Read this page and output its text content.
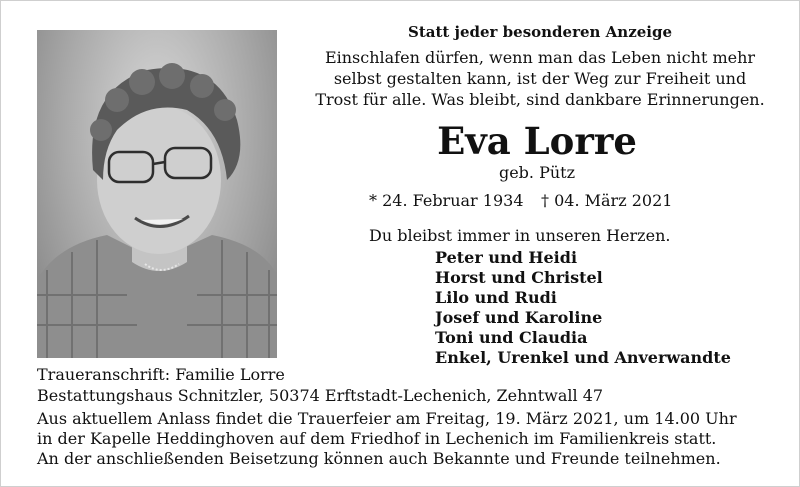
Statt jeder besonderen Anzeige
Einschlafen dürfen, wenn man das Leben nicht mehr
selbst gestalten kann, ist der Weg zur Freiheit und
Trost für alle. Was bleibt, sind dankbare Erinnerungen.
Eva Lorre
geb. Pütz
* 24. Februar 1934 † 04. März 2021
Du bleibst immer in unseren Herzen.
Peter und Heidi
Horst und Christel
Lilo und Rudi
Josef und Karoline
Toni und Claudia
Enkel, Urenkel und Anverwandte
Traueranschrift: Familie Lorre
Bestattungshaus Schnitzler, 50374 Erftstadt-Lechenich, Zehntwall 47
Aus aktuellem Anlass findet die Trauerfeier am Freitag, 19. März 2021, um 14.00 Uhr
in der Kapelle Heddinghoven auf dem Friedhof in Lechenich im Familienkreis statt.
An der anschließenden Beisetzung können auch Bekannte und Freunde teilnehmen.
